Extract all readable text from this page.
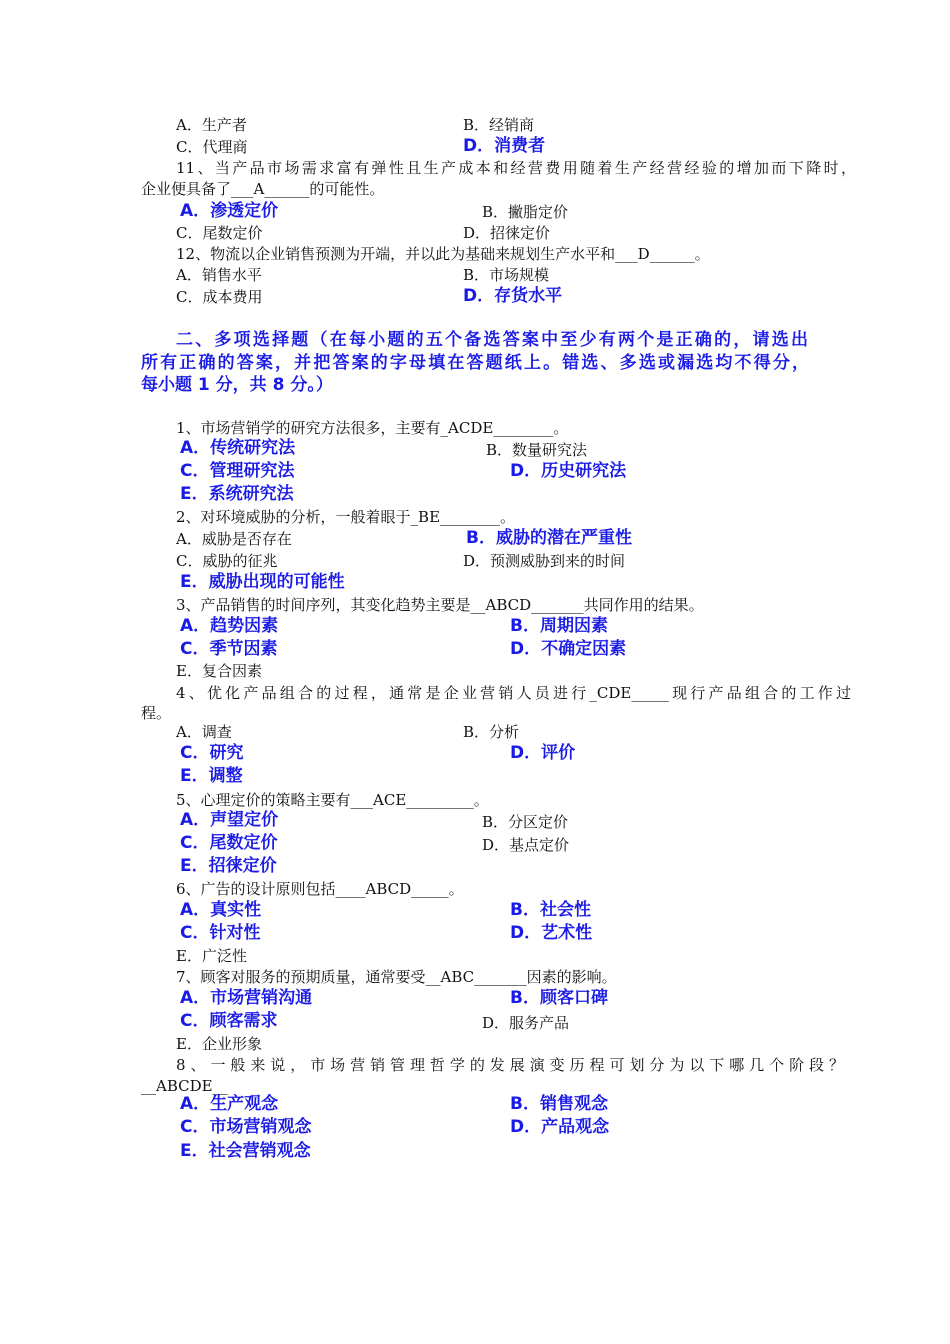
A．生产者	B．经销商
C．代理商	D．消费者
11、当产品市场需求富有弹性且生产成本和经营费用随着生产经营经验的增加而下降时，
企业便具备了___A______的可能性。
A．渗透定价	B．撇脂定价
C．尾数定价	D．招徕定价
12、物流以企业销售预测为开端，并以此为基础来规划生产水平和___D______。
A．销售水平	B．市场规模
C．成本费用	D．存货水平
二、多项选择题（在每小题的五个备选答案中至少有两个是正确的，请选出
所有正确的答案，并把答案的字母填在答题纸上。错选、多选或漏选均不得分，
每小题 1 分，共 8 分。）
1、市场营销学的研究方法很多，主要有_ACDE________。
A．传统研究法	B．数量研究法
C．管理研究法	D．历史研究法
E．系统研究法
2、对环境威胁的分析，一般着眼于_BE________。
A．威胁是否存在	B．威胁的潜在严重性
C．威胁的征兆	D．预测威胁到来的时间
E．威胁出现的可能性
3、产品销售的时间序列，其变化趋势主要是__ABCD_______共同作用的结果。
A．趋势因素	B．周期因素
C．季节因素	D．不确定因素
E．复合因素
4、优化产品组合的过程，通常是企业营销人员进行_CDE_____现行产品组合的工作过
程。
A．调查	B．分析
C．研究	D．评价
E．调整
5、心理定价的策略主要有___ACE_________。
A．声望定价	B．分区定价
C．尾数定价	D．基点定价
E．招徕定价
6、广告的设计原则包括____ABCD_____。
A．真实性	B．社会性
C．针对性	D．艺术性
E．广泛性
7、顾客对服务的预期质量，通常要受__ABC_______因素的影响。
A．市场营销沟通	B．顾客口碑
C．顾客需求	D．服务产品
E．企业形象
8、一般来说，市场营销管理哲学的发展演变历程可划分为以下哪几个阶段？
__ABCDE__
A．生产观念	B．销售观念
C．市场营销观念	D．产品观念
E．社会营销观念
